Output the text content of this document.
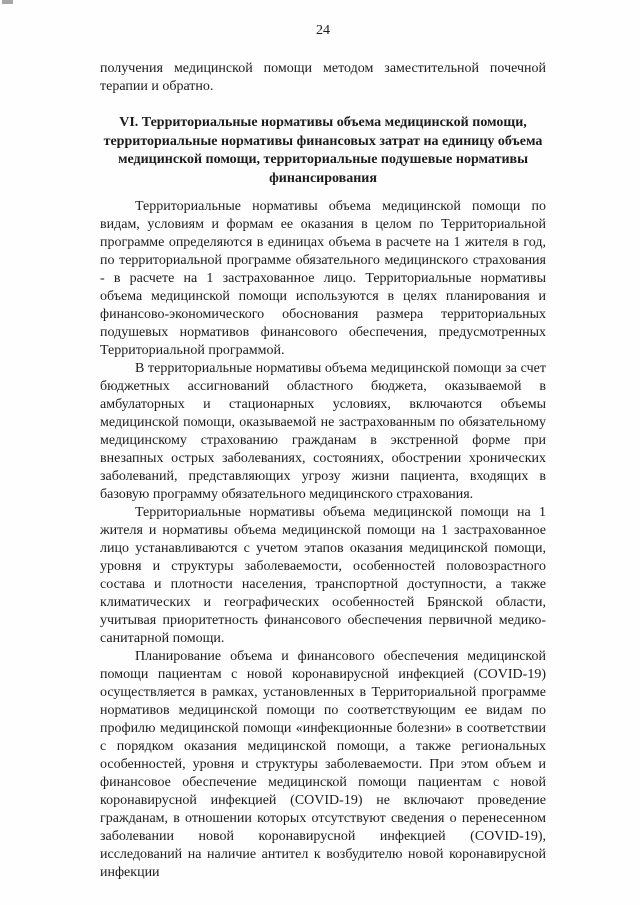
24

получения медицинской помощи методом заместительной почечной терапии и обратно.

VI. Территориальные нормативы объема медицинской помощи, территориальные нормативы финансовых затрат на единицу объема медицинской помощи, территориальные подушевые нормативы финансирования

Территориальные нормативы объема медицинской помощи по видам, условиям и формам ее оказания в целом по Территориальной программе определяются в единицах объема в расчете на 1 жителя в год, по территориальной программе обязательного медицинского страхования - в расчете на 1 застрахованное лицо. Территориальные нормативы объема медицинской помощи используются в целях планирования и финансово-экономического обоснования размера территориальных подушевых нормативов финансового обеспечения, предусмотренных Территориальной программой.

В территориальные нормативы объема медицинской помощи за счет бюджетных ассигнований областного бюджета, оказываемой в амбулаторных и стационарных условиях, включаются объемы медицинской помощи, оказываемой не застрахованным по обязательному медицинскому страхованию гражданам в экстренной форме при внезапных острых заболеваниях, состояниях, обострении хронических заболеваний, представляющих угрозу жизни пациента, входящих в базовую программу обязательного медицинского страхования.

Территориальные нормативы объема медицинской помощи на 1 жителя и нормативы объема медицинской помощи на 1 застрахованное лицо устанавливаются с учетом этапов оказания медицинской помощи, уровня и структуры заболеваемости, особенностей половозрастного состава и плотности населения, транспортной доступности, а также климатических и географических особенностей Брянской области, учитывая приоритетность финансового обеспечения первичной медико-санитарной помощи.

Планирование объема и финансового обеспечения медицинской помощи пациентам с новой коронавирусной инфекцией (COVID-19) осуществляется в рамках, установленных в Территориальной программе нормативов медицинской помощи по соответствующим ее видам по профилю медицинской помощи «инфекционные болезни» в соответствии с порядком оказания медицинской помощи, а также региональных особенностей, уровня и структуры заболеваемости. При этом объем и финансовое обеспечение медицинской помощи пациентам с новой коронавирусной инфекцией (COVID-19) не включают проведение гражданам, в отношении которых отсутствуют сведения о перенесенном заболевании новой коронавирусной инфекцией (COVID-19), исследований на наличие антител к возбудителю новой коронавирусной инфекции
